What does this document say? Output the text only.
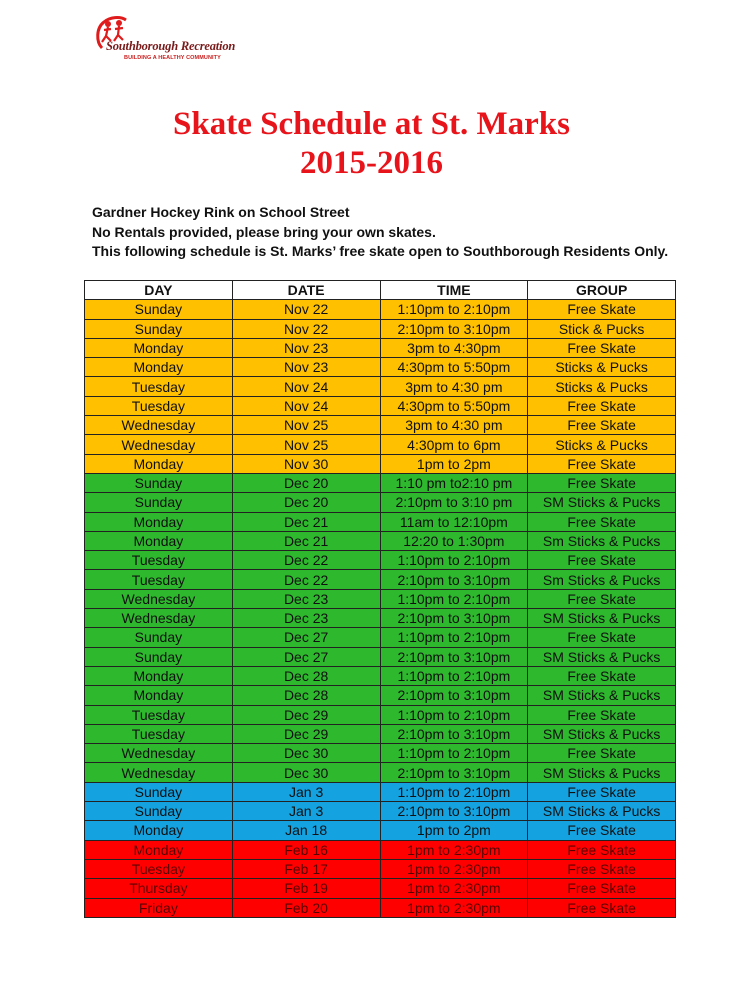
Southborough Recreation
BUILDING A HEALTHY COMMUNITY
Skate Schedule at St. Marks
2015-2016
Gardner Hockey Rink on School Street
No Rentals provided, please bring your own skates.
This following schedule is St. Marks’ free skate open to Southborough Residents Only.
DAY	DATE	TIME	GROUP
Sunday	Nov 22	1:10pm to 2:10pm	Free Skate
Sunday	Nov 22	2:10pm to 3:10pm	Stick & Pucks
Monday	Nov 23	3pm to 4:30pm	Free Skate
Monday	Nov 23	4:30pm to 5:50pm	Sticks & Pucks
Tuesday	Nov 24	3pm to 4:30 pm	Sticks & Pucks
Tuesday	Nov 24	4:30pm to 5:50pm	Free Skate
Wednesday	Nov 25	3pm to 4:30 pm	Free Skate
Wednesday	Nov 25	4:30pm to 6pm	Sticks & Pucks
Monday	Nov 30	1pm to 2pm	Free Skate
Sunday	Dec 20	1:10 pm to2:10 pm	Free Skate
Sunday	Dec 20	2:10pm to 3:10 pm	SM Sticks & Pucks
Monday	Dec 21	11am to 12:10pm	Free Skate
Monday	Dec 21	12:20 to 1:30pm	Sm Sticks & Pucks
Tuesday	Dec 22	1:10pm to 2:10pm	Free Skate
Tuesday	Dec 22	2:10pm to 3:10pm	Sm Sticks & Pucks
Wednesday	Dec 23	1:10pm to 2:10pm	Free Skate
Wednesday	Dec 23	2:10pm to 3:10pm	SM Sticks & Pucks
Sunday	Dec 27	1:10pm to 2:10pm	Free Skate
Sunday	Dec 27	2:10pm to 3:10pm	SM Sticks & Pucks
Monday	Dec 28	1:10pm to 2:10pm	Free Skate
Monday	Dec 28	2:10pm to 3:10pm	SM Sticks & Pucks
Tuesday	Dec 29	1:10pm to 2:10pm	Free Skate
Tuesday	Dec 29	2:10pm to 3:10pm	SM Sticks & Pucks
Wednesday	Dec 30	1:10pm to 2:10pm	Free Skate
Wednesday	Dec 30	2:10pm to 3:10pm	SM Sticks & Pucks
Sunday	Jan 3	1:10pm to 2:10pm	Free Skate
Sunday	Jan 3	2:10pm to 3:10pm	SM Sticks & Pucks
Monday	Jan 18	1pm to 2pm	Free Skate
Monday	Feb 16	1pm to 2:30pm	Free Skate
Tuesday	Feb 17	1pm to 2:30pm	Free Skate
Thursday	Feb 19	1pm to 2:30pm	Free Skate
Friday	Feb 20	1pm to 2:30pm	Free Skate
